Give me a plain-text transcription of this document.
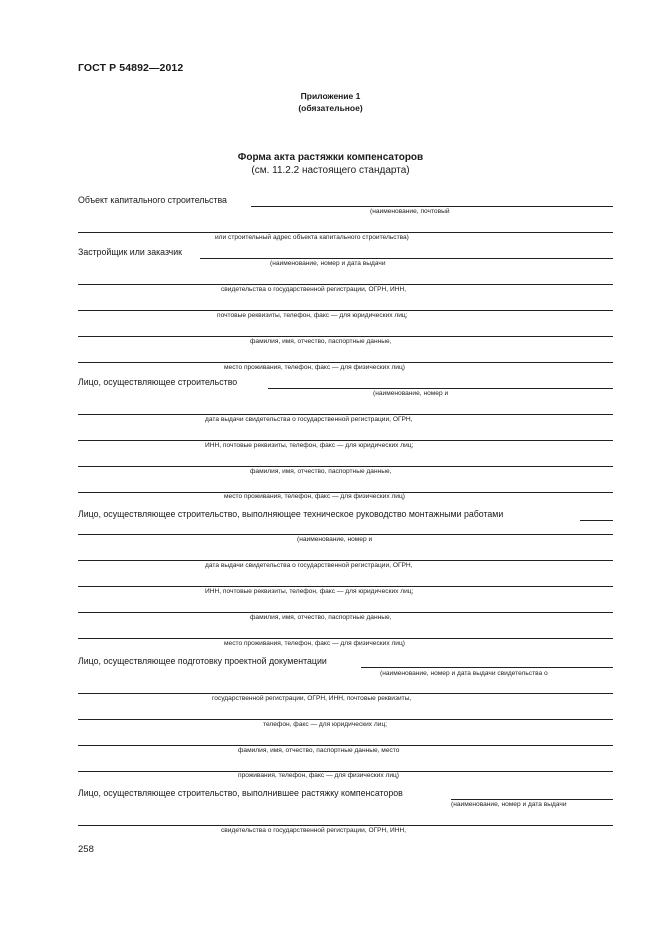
ГОСТ Р 54892—2012
Приложение 1
(обязательное)
Форма акта растяжки компенсаторов
(см. 11.2.2 настоящего стандарта)
Объект капитального строительства
(наименование, почтовый
или строительный адрес объекта капитального строительства)
Застройщик или заказчик
(наименование, номер и дата выдачи
свидетельства о государственной регистрации, ОГРН, ИНН,
почтовые реквизиты, телефон, факс — для юридических лиц;
фамилия, имя, отчество, паспортные данные,
место проживания, телефон, факс — для физических лиц)
Лицо, осуществляющее строительство
(наименование, номер и
дата выдачи свидетельства о государственной регистрации, ОГРН,
ИНН, почтовые реквизиты, телефон, факс — для юридических лиц;
фамилия, имя, отчество, паспортные данные,
место проживания, телефон, факс — для физических лиц)
Лицо, осуществляющее строительство, выполняющее техническое руководство монтажными работами
(наименование, номер и
дата выдачи свидетельства о государственной регистрации, ОГРН,
ИНН, почтовые реквизиты, телефон, факс — для юридических лиц;
фамилия, имя, отчество, паспортные данные,
место проживания, телефон, факс — для физических лиц)
Лицо, осуществляющее подготовку проектной документации
(наименование, номер и дата выдачи свидетельства о
государственной регистрации, ОГРН, ИНН, почтовые реквизиты,
телефон, факс — для юридических лиц;
фамилия, имя, отчество, паспортные данные, место
проживания, телефон, факс — для физических лиц)
Лицо, осуществляющее строительство, выполнившее растяжку компенсаторов
(наименование, номер и дата выдачи
свидетельства о государственной регистрации, ОГРН, ИНН,
258
